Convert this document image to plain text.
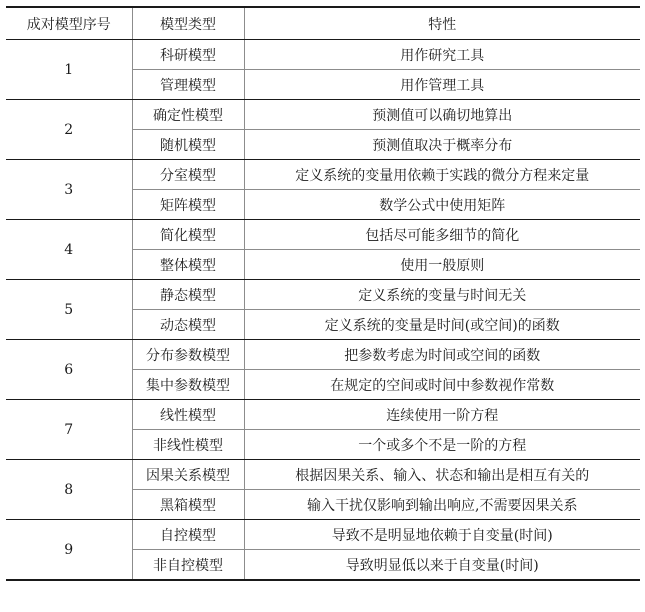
成对模型序号	模型类型	特性
1	科研模型	用作研究工具
	管理模型	用作管理工具
2	确定性模型	预测值可以确切地算出
	随机模型	预测值取决于概率分布
3	分室模型	定义系统的变量用依赖于实践的微分方程来定量
	矩阵模型	数学公式中使用矩阵
4	简化模型	包括尽可能多细节的简化
	整体模型	使用一般原则
5	静态模型	定义系统的变量与时间无关
	动态模型	定义系统的变量是时间(或空间)的函数
6	分布参数模型	把参数考虑为时间或空间的函数
	集中参数模型	在规定的空间或时间中参数视作常数
7	线性模型	连续使用一阶方程
	非线性模型	一个或多个不是一阶的方程
8	因果关系模型	根据因果关系、输入、状态和输出是相互有关的
	黑箱模型	输入干扰仅影响到输出响应,不需要因果关系
9	自控模型	导致不是明显地依赖于自变量(时间)
	非自控模型	导致明显低以来于自变量(时间)
